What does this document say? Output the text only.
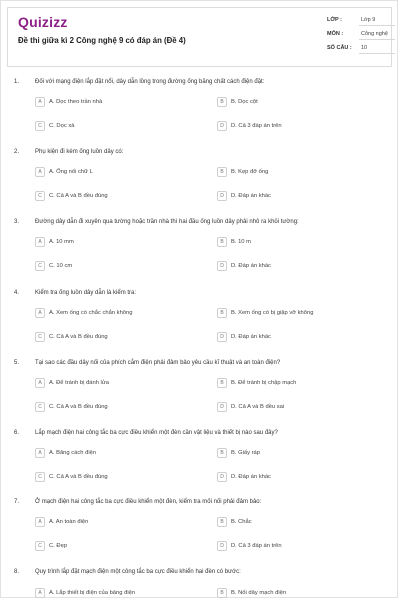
Quizizz
Đề thi giữa kì 2 Công nghệ 9 có đáp án (Đề 4)
LỚP :	Lớp 9
MÔN :	Công nghệ
SỐ CÂU : 10
1.	Đối với mạng điện lắp đặt nổi, dây dẫn lồng trong đường ống băng chất cách điện đặt:
A	A. Dọc theo trần nhà	B	B. Dọc cột
C	C. Dọc xà	D	D. Cả 3 đáp án trên
2.	Phụ kiện đi kèm ống luồn dây có:
A	A. Ống nối chữ L	B	B. Kẹp đỡ ống
C	C. Cả A và B đều đúng	D	D. Đáp án khác
3.	Đường dây dẫn đi xuyên qua tường hoặc trần nhà thì hai đầu ống luồn dây phải nhô ra khỏi tường:
A	A. 10 mm	B	B. 10 m
C	C. 10 cm	D	D. Đáp án khác
4.	Kiểm tra ống luồn dây dẫn là kiểm tra:
A	A. Xem ống có chắc chắn không	B	B. Xem ống có bị giập vỡ không
C	C. Cả A và B đều đúng	D	D. Đáp án khác
5.	Tại sao các đầu dây nối của phích cắm điện phải đảm bảo yêu cầu kĩ thuật và an toàn điện?
A	A. Để tránh bị đánh lửa	B	B. Để tránh bị chập mạch
C	C. Cả A và B đều đúng	D	D. Cả A và B đều sai
6.	Lắp mạch điện hai công tắc ba cực điều khiển một đèn cần vật liệu và thiết bị nào sau đây?
A	A. Băng cách điện	B	B. Giấy ráp
C	C. Cả A và B đều đúng	D	D. Đáp án khác
7.	Ở mạch điện hai công tắc ba cực điều khiển một đèn, kiểm tra mối nối phải đảm bảo:
A	A. An toàn điện	B	B. Chắc
C	C. Đẹp	D	D. Cả 3 đáp án trên
8.	Quy trình lắp đặt mạch điện một công tắc ba cực điều khiển hai đèn có bước:
A	A. Lắp thiết bị điện của bảng điện	B	B. Nối dây mạch điện
